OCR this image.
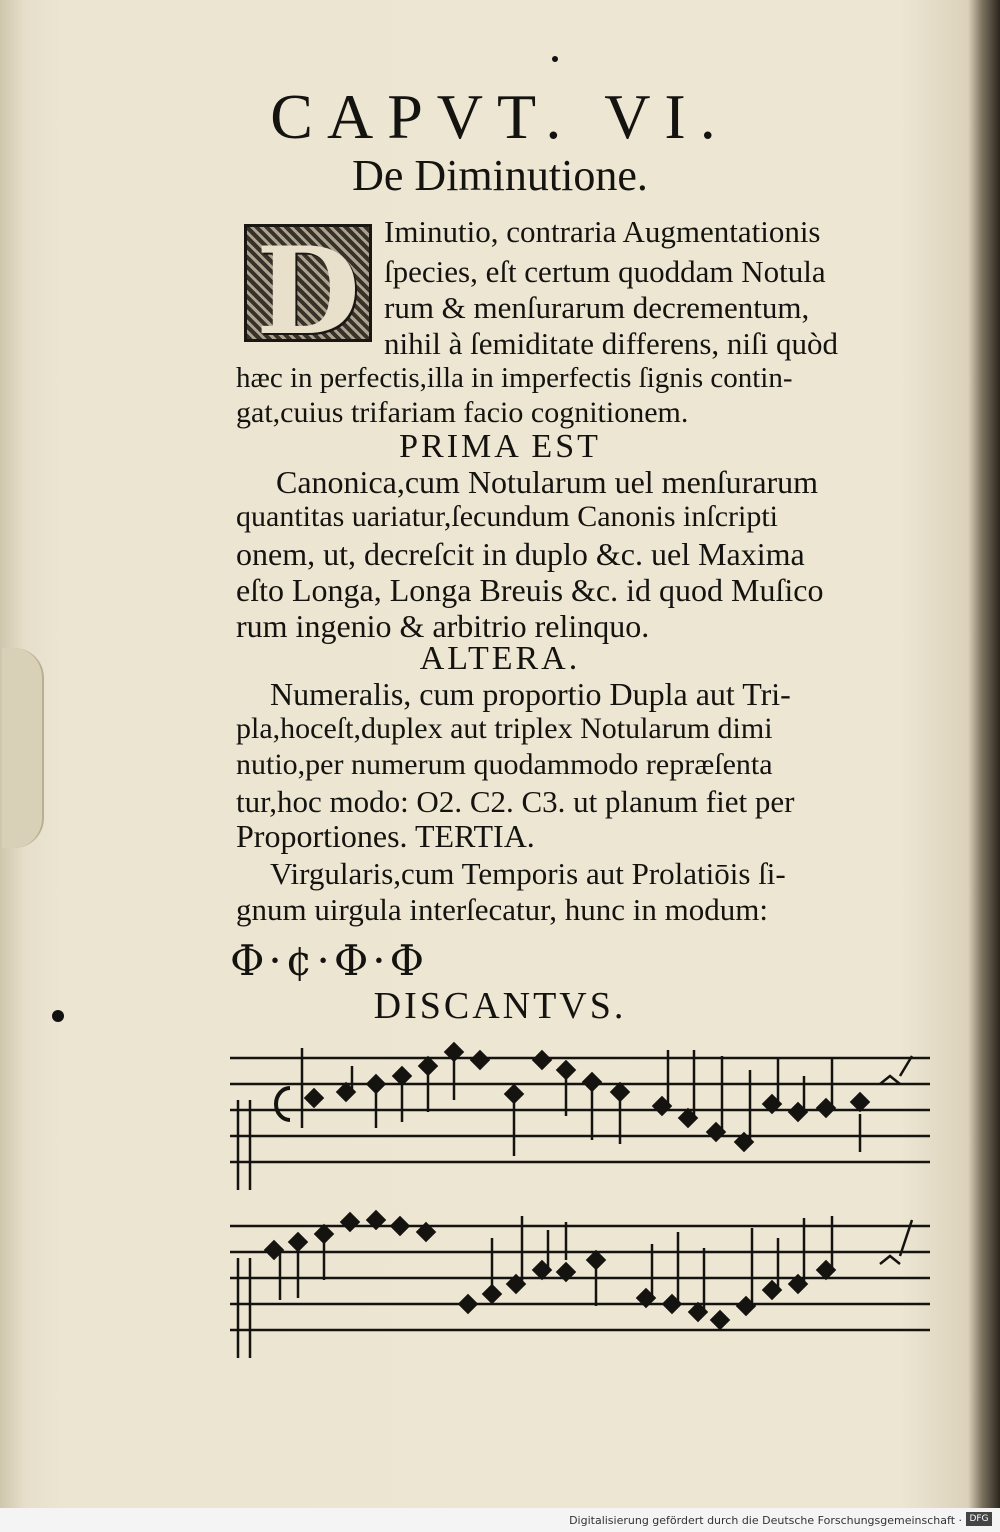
CAPVT. VI.
De Diminutione.
D Iminutio, contraria Augmentationis
ſpecies, eſt certum quoddam Notula
rum & menſurarum decrementum,
nihil à ſemiditate differens, niſi quòd
hæc in perfectis,illa in imperfectis ſignis contin-
gat,cuius trifariam facio cognitionem.
PRIMA EST
Canonica,cum Notularum uel menſurarum
quantitas uariatur,ſecundum Canonis inſcripti
onem, ut, decreſcit in duplo &c. uel Maxima
eſto Longa, Longa Breuis &c. id quod Muſico
rum ingenio & arbitrio relinquo.
ALTERA.
Numeralis, cum proportio Dupla aut Tri-
pla,hoceſt,duplex aut triplex Notularum dimi
nutio,per numerum quodammodo repræſenta
tur,hoc modo: O2. C2. C3. ut planum fiet per
Proportiones. TERTIA.
Virgularis,cum Temporis aut Prolatiōis ſi-
gnum uirgula interſecatur, hunc in modum:
Φ·¢·Φ·Φ
DISCANTVS.
Digitalisierung gefördert durch die Deutsche Forschungsgemeinschaft · DFG
